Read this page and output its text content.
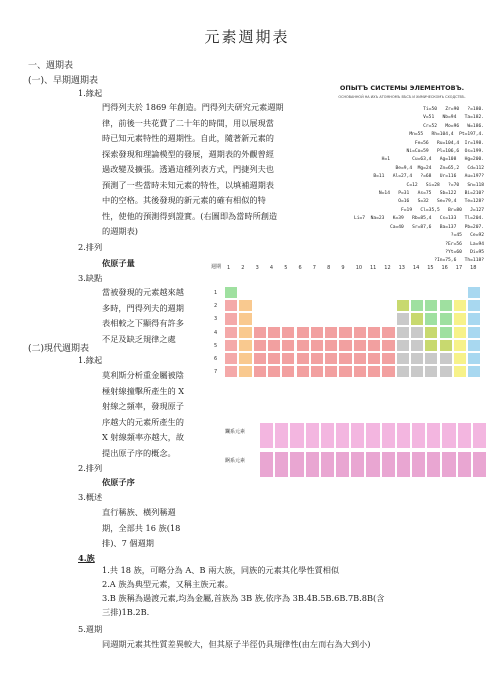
元素週期表
一、週期表
(一)、早期週期表
1.緣起
門得列夫於 1869 年創造。門得列夫研究元素週期
律，前後一共花費了二十年的時間，用以展現當
時已知元素特性的週期性。自此，隨著新元素的
探索發現和理論模型的發展，週期表的外觀曾經
過改變及擴張。透過這種列表方式，門捷列夫也
預測了一些當時未知元素的特性，以填補週期表
中的空格。其後發現的新元素的確有相似的特
性，使他的預測得到證實。(右圖即為當時所創造
的週期表)
2.排列
依原子量
3.缺點
當被發現的元素越來越
多時，門得列夫的週期
表相較之下顯得有許多
不足及缺乏規律之處
(二)現代週期表
1.緣起
莫利斯分析重金屬被陰
極射線撞擊所產生的 X
射線之頻率，發現原子
序越大的元素所產生的
X 射線頻率亦越大，故
提出原子序的概念。
2.排列
依原子序
3.概述
直行稱族、橫列稱週
期，全部共 16 族(18
排)、7 個週期
4.族
1.共 18 族，可略分為 A、B 兩大族，同族的元素其化學性質相似
2.A 族為典型元素，又稱主族元素。
3.B 族稱為過渡元素,均為金屬,首族為 3B 族,依序為 3B.4B.5B.6B.7B.8B(含
三排)1B.2B.
5.週期
同週期元素其性質差異較大，但其原子半徑仍具規律性(由左而右為大到小)
ОПЫТЪ СИСТЕМЫ ЭЛЕМЕНТОВЪ.
ОСНОВАННОЙ НА ИХЪ АТОМНОМЪ ВѢСѢ И ХИМИЧЕСКОМЪ СХОДСТВѢ.
Ti=50   Zr=90   ?=180.
V=51   Nb=94   Ta=182.
Cr=52   Mo=96   W=186.
Mn=55   Rh=104,4  Pt=197,4.
Fe=56   Ru=104,4  Ir=198.
Ni=Co=59   Pl=106,6  Os=199.
H=1        Cu=63,4   Ag=108   Hg=200.
Be=9,4  Mg=24   Zn=65,2   Cd=112
B=11   Al=27,4   ?=68   Ur=116   Au=197?
C=12   Si=28   ?=70   Sn=118
N=14   P=31   As=75   Sb=122   Bi=210?
O=16   S=32   Se=79,4   Te=128?
F=19   Cl=35,5   Br=80   J=127
Li=7  Na=23   K=39   Rb=85,4   Cs=133   Tl=204.
Ca=40   Sr=87,6   Ba=137   Pb=207.
?=45   Ce=92
?Er=56   La=94
?Yt=60   Di=95
?In=75,6   Th=118?
週期 1 2 3 4 5 6 7 8 9 10 11 12 13 14 15 16 17 18
1
2
3
4
5
6
7
鑭系元素
錒系元素
